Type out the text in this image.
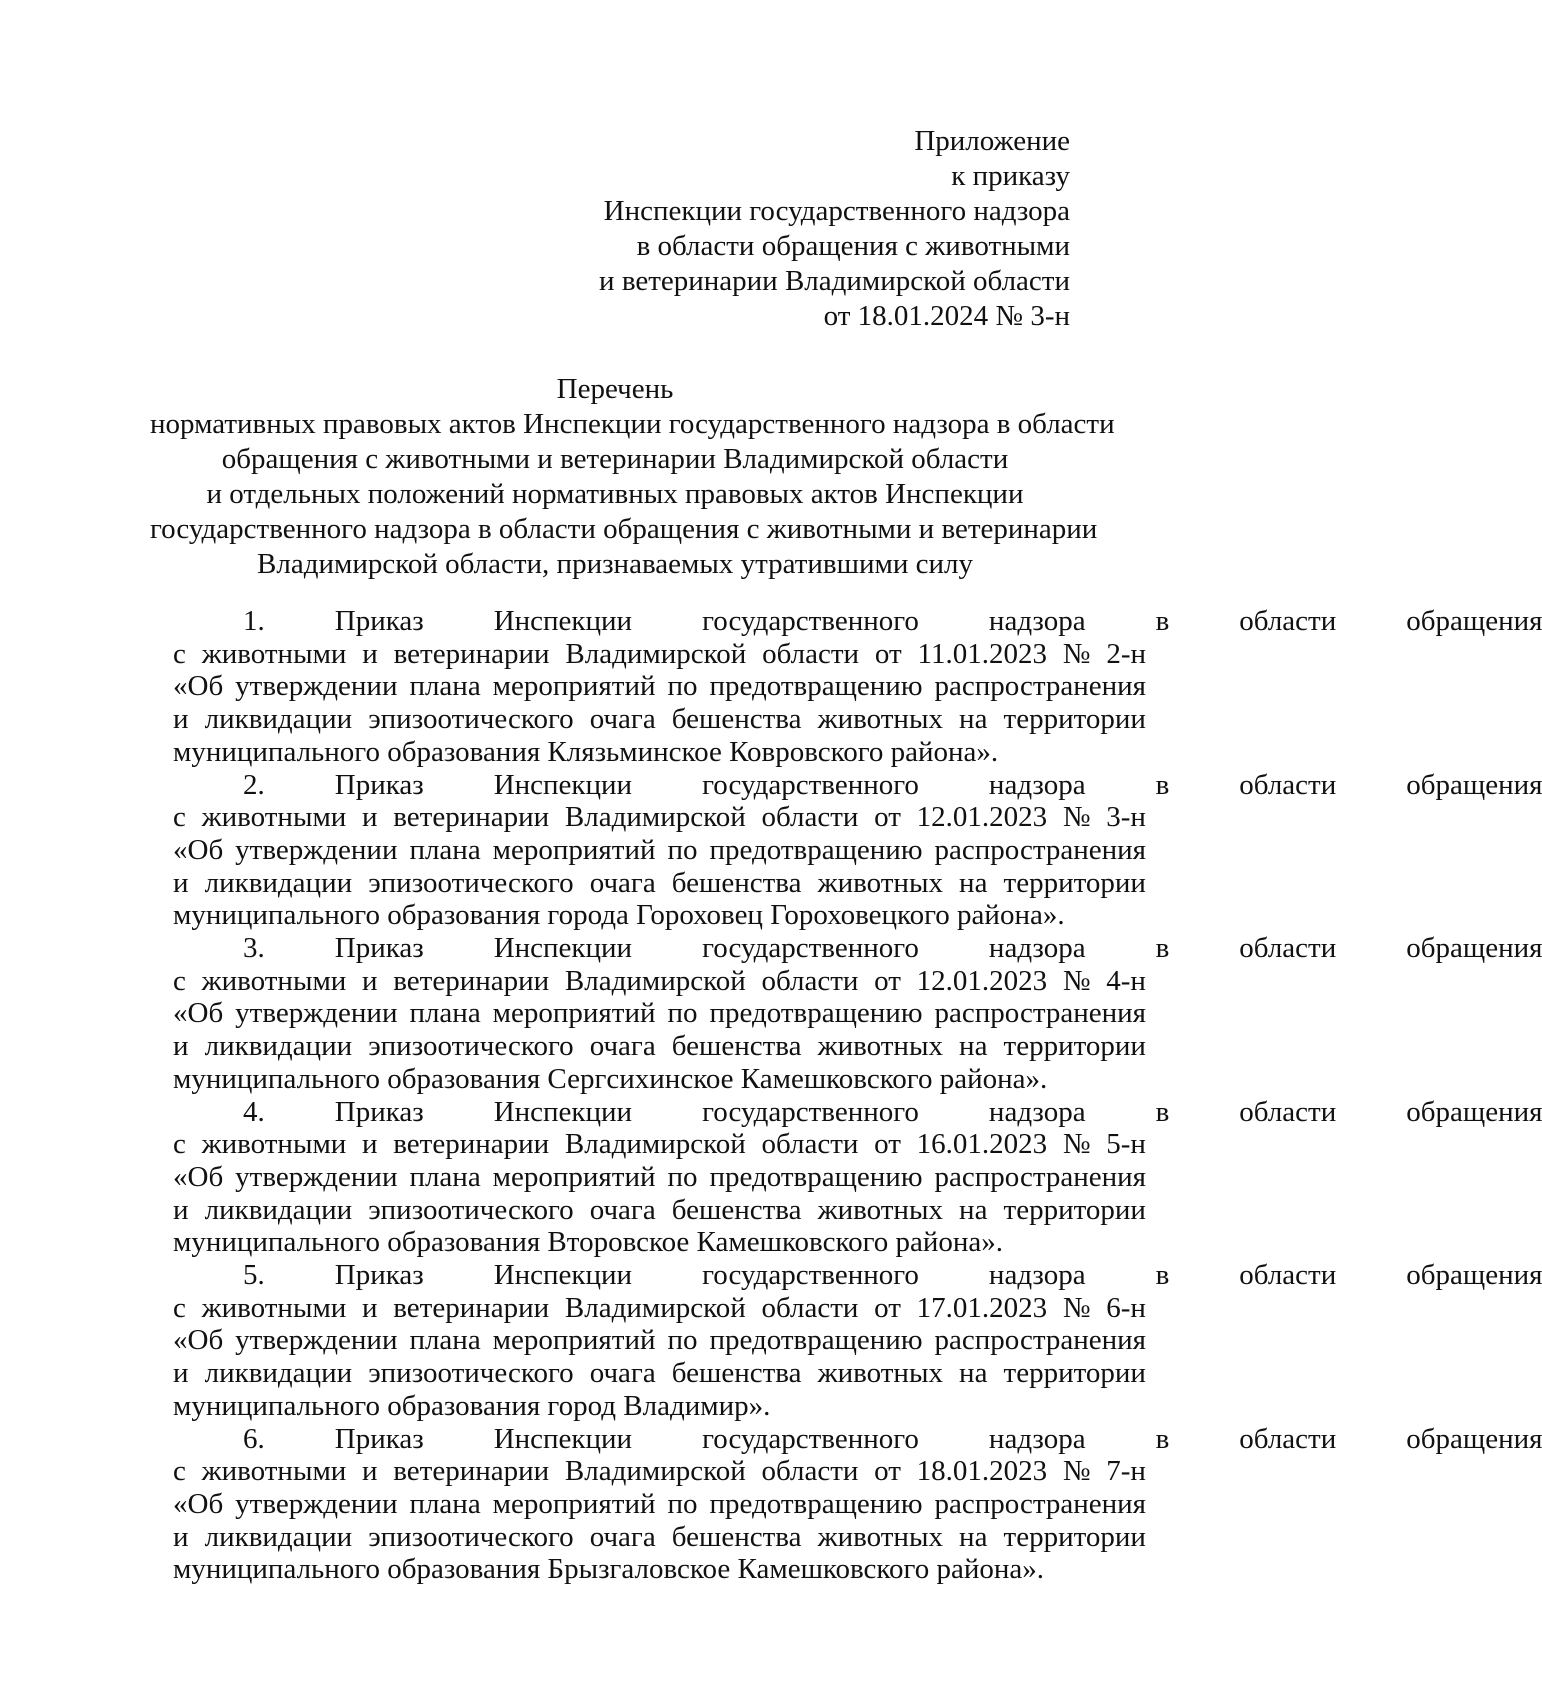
Приложение
к приказу
Инспекции государственного надзора
в области обращения с животными
и ветеринарии Владимирской области
от 18.01.2024 № 3-н
Перечень
нормативных правовых актов Инспекции государственного надзора в области
обращения с животными и ветеринарии Владимирской области
и отдельных положений нормативных правовых актов Инспекции
государственного надзора в области обращения с животными и ветеринарии
Владимирской области, признаваемых утратившими силу
1.	Приказ	Инспекции	государственного	надзора	в	области	обращения
с животными и ветеринарии Владимирской области от 11.01.2023 № 2-н
«Об утверждении плана мероприятий по предотвращению распространения
и ликвидации эпизоотического очага бешенства животных на территории
муниципального образования Клязьминское Ковровского района».
2.	Приказ	Инспекции	государственного	надзора	в	области	обращения
с животными и ветеринарии Владимирской области от 12.01.2023 № 3-н
«Об утверждении плана мероприятий по предотвращению распространения
и ликвидации эпизоотического очага бешенства животных на территории
муниципального образования города Гороховец Гороховецкого района».
3.	Приказ	Инспекции	государственного	надзора	в	области	обращения
с животными и ветеринарии Владимирской области от 12.01.2023 № 4-н
«Об утверждении плана мероприятий по предотвращению распространения
и ликвидации эпизоотического очага бешенства животных на территории
муниципального образования Сергсихинское Камешковского района».
4.	Приказ	Инспекции	государственного	надзора	в	области	обращения
с животными и ветеринарии Владимирской области от 16.01.2023 № 5-н
«Об утверждении плана мероприятий по предотвращению распространения
и ликвидации эпизоотического очага бешенства животных на территории
муниципального образования Второвское Камешковского района».
5.	Приказ	Инспекции	государственного	надзора	в	области	обращения
с животными и ветеринарии Владимирской области от 17.01.2023 № 6-н
«Об утверждении плана мероприятий по предотвращению распространения
и ликвидации эпизоотического очага бешенства животных на территории
муниципального образования город Владимир».
6.	Приказ	Инспекции	государственного	надзора	в	области	обращения
с животными и ветеринарии Владимирской области от 18.01.2023 № 7-н
«Об утверждении плана мероприятий по предотвращению распространения
и ликвидации эпизоотического очага бешенства животных на территории
муниципального образования Брызгаловское Камешковского района».
